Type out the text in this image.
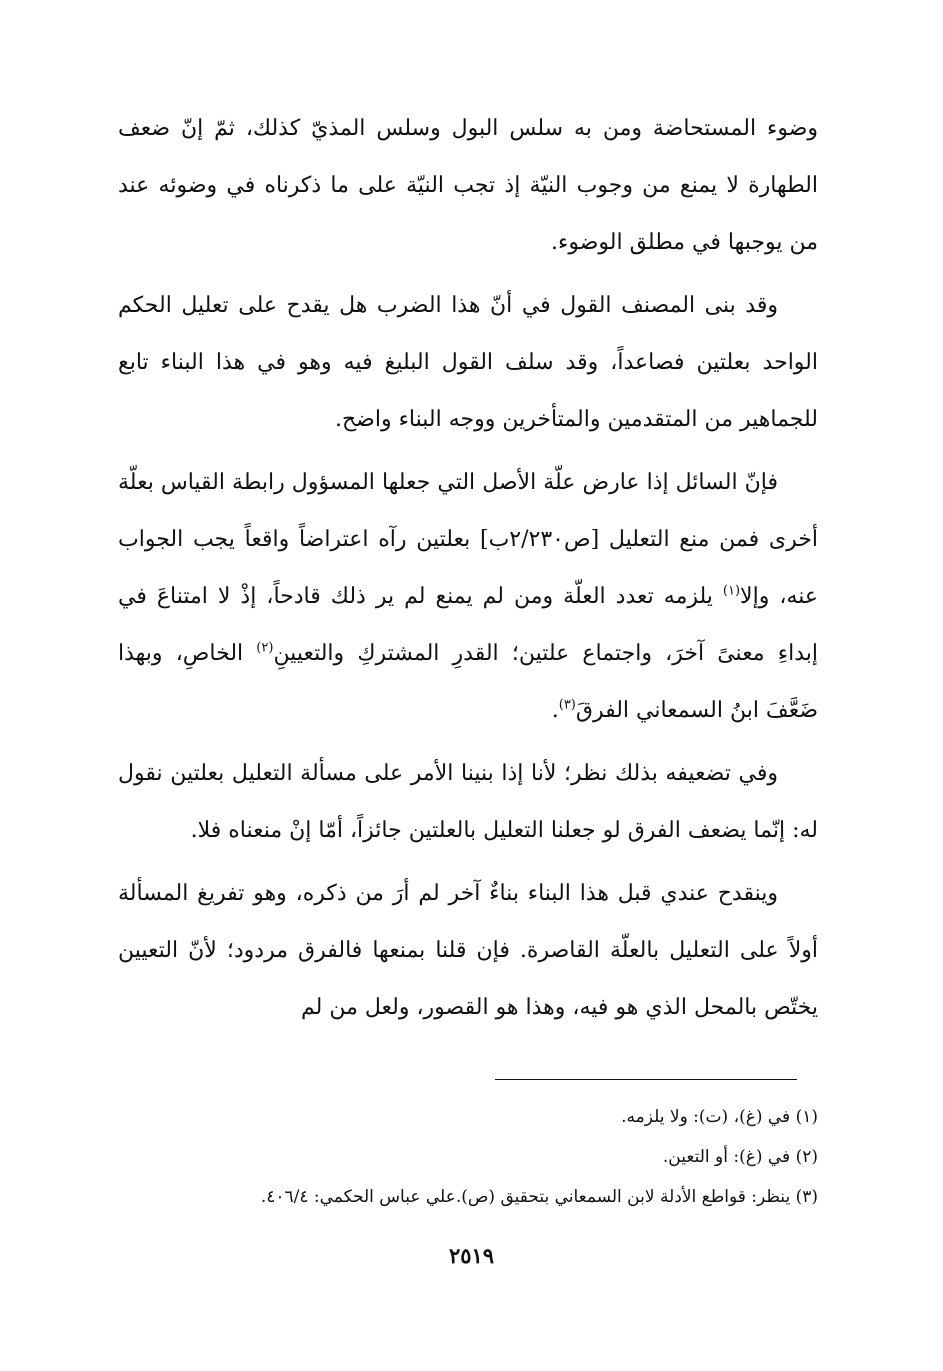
وضوء المستحاضة ومن به سلس البول وسلس المذيّ كذلك، ثمّ إنّ ضعف الطهارة لا يمنع من وجوب النيّة إذ تجب النيّة على ما ذكرناه في وضوئه عند من يوجبها في مطلق الوضوء.

وقد بنى المصنف القول في أنّ هذا الضرب هل يقدح على تعليل الحكم الواحد بعلتين فصاعداً، وقد سلف القول البليغ فيه وهو في هذا البناء تابع للجماهير من المتقدمين والمتأخرين ووجه البناء واضح.

فإنّ السائل إذا عارض علّة الأصل التي جعلها المسؤول رابطة القياس بعلّة أخرى فمن منع التعليل [ص٢/٢٣٠ب] بعلتين رآه اعتراضاً واقعاً يجب الجواب عنه، وإلا$^{(١)}$ يلزمه تعدد العلّة ومن لم يمنع لم ير ذلك قادحاً، إذْ لا امتناعَ في إبداءِ معنىً آخرَ، واجتماع علتين؛ القدرِ المشتركِ والتعيينِ$^{(٢)}$ الخاصِ، وبهذا ضَعَّفَ ابنُ السمعاني الفرقَ$^{(٣)}$.

وفي تضعيفه بذلك نظر؛ لأنا إذا بنينا الأمر على مسألة التعليل بعلتين نقول له: إنّما يضعف الفرق لو جعلنا التعليل بالعلتين جائزاً، أمّا إنْ منعناه فلا.

وينقدح عندي قبل هذا البناء بناءٌ آخر لم أرَ من ذكره، وهو تفريغ المسألة أولاً على التعليل بالعلّة القاصرة. فإن قلنا بمنعها فالفرق مردود؛ لأنّ التعيين يختّص بالمحل الذي هو فيه، وهذا هو القصور، ولعل من لم

(١) في (غ)، (ت): ولا يلزمه.

(٢) في (غ): أو التعين.

(٣) ينظر: قواطع الأدلة لابن السمعاني بتحقيق (ص).علي عباس الحكمي: ٤٠٦/٤.

٢٥١٩
